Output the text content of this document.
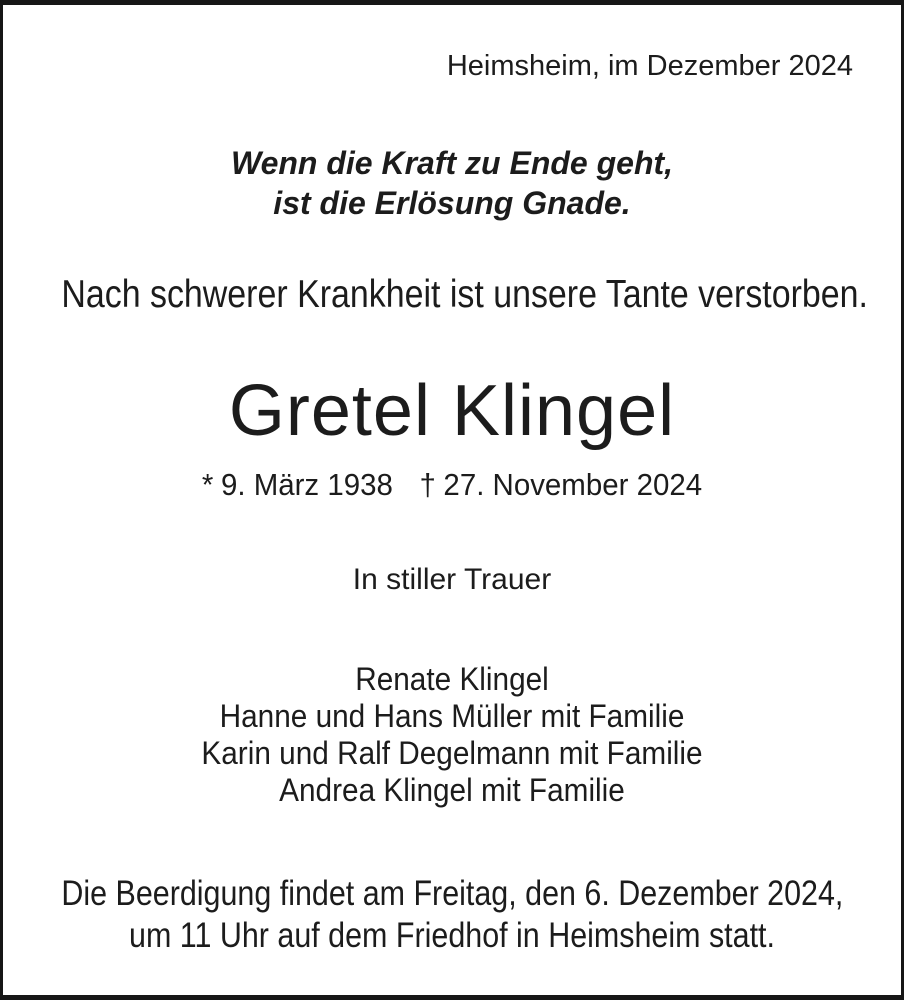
Heimsheim, im Dezember 2024
Wenn die Kraft zu Ende geht,
ist die Erlösung Gnade.
Nach schwerer Krankheit ist unsere Tante verstorben.
Gretel Klingel
* 9. März 1938 † 27. November 2024
In stiller Trauer
Renate Klingel
Hanne und Hans Müller mit Familie
Karin und Ralf Degelmann mit Familie
Andrea Klingel mit Familie
Die Beerdigung findet am Freitag, den 6. Dezember 2024,
um 11 Uhr auf dem Friedhof in Heimsheim statt.
